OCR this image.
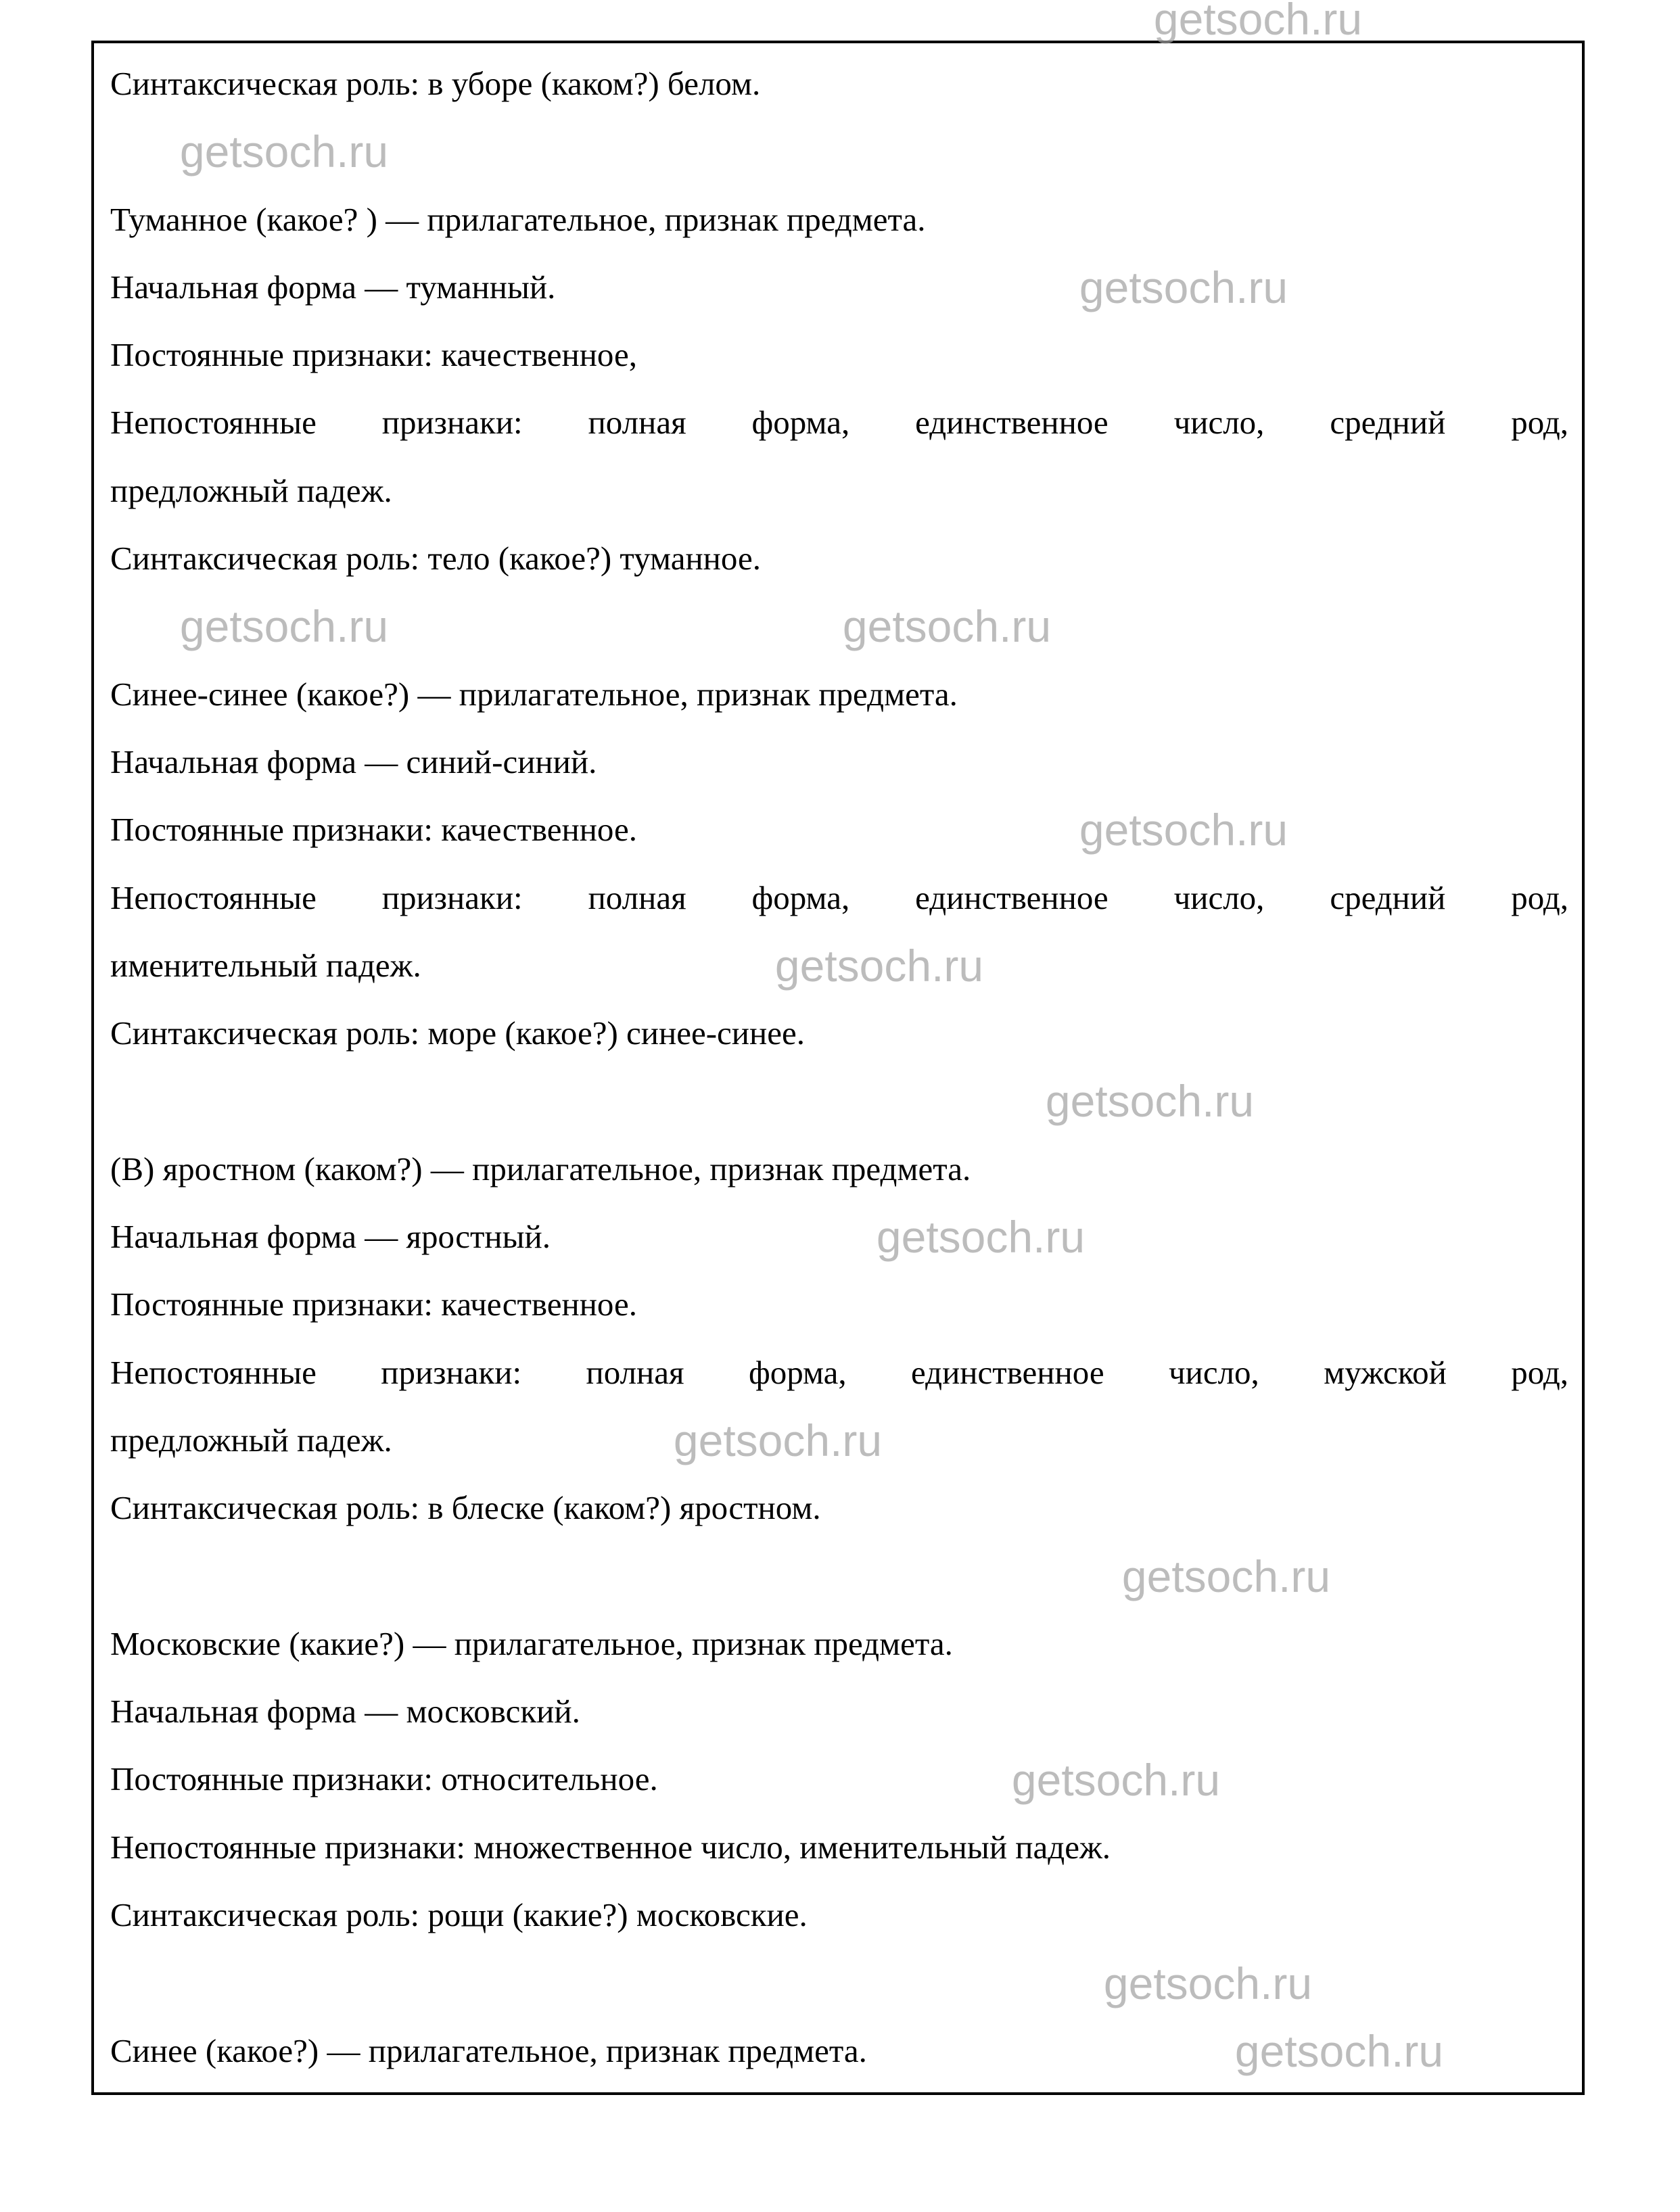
Синтаксическая роль: в уборе (каком?) белом.
Туманное (какое? ) — прилагательное, признак предмета.
Начальная форма — туманный.
Постоянные признаки: качественное,
Непостоянные признаки: полная форма, единственное число, средний род,
предложный падеж.
Синтаксическая роль: тело (какое?) туманное.
Синее-синее (какое?) — прилагательное, признак предмета.
Начальная форма — синий-синий.
Постоянные признаки: качественное.
Непостоянные признаки: полная форма, единственное число, средний род,
именительный падеж.
Синтаксическая роль: море (какое?) синее-синее.
(В) яростном (каком?) — прилагательное, признак предмета.
Начальная форма — яростный.
Постоянные признаки: качественное.
Непостоянные признаки: полная форма, единственное число, мужской род,
предложный падеж.
Синтаксическая роль: в блеске (каком?) яростном.
Московские (какие?) — прилагательное, признак предмета.
Начальная форма — московский.
Постоянные признаки: относительное.
Непостоянные признаки: множественное число, именительный падеж.
Синтаксическая роль: рощи (какие?) московские.
Синее (какое?) — прилагательное, признак предмета.
getsoch.ru
getsoch.ru
getsoch.ru
getsoch.ru	getsoch.ru
getsoch.ru
getsoch.ru
getsoch.ru
getsoch.ru
getsoch.ru
getsoch.ru
getsoch.ru
getsoch.ru
getsoch.ru
